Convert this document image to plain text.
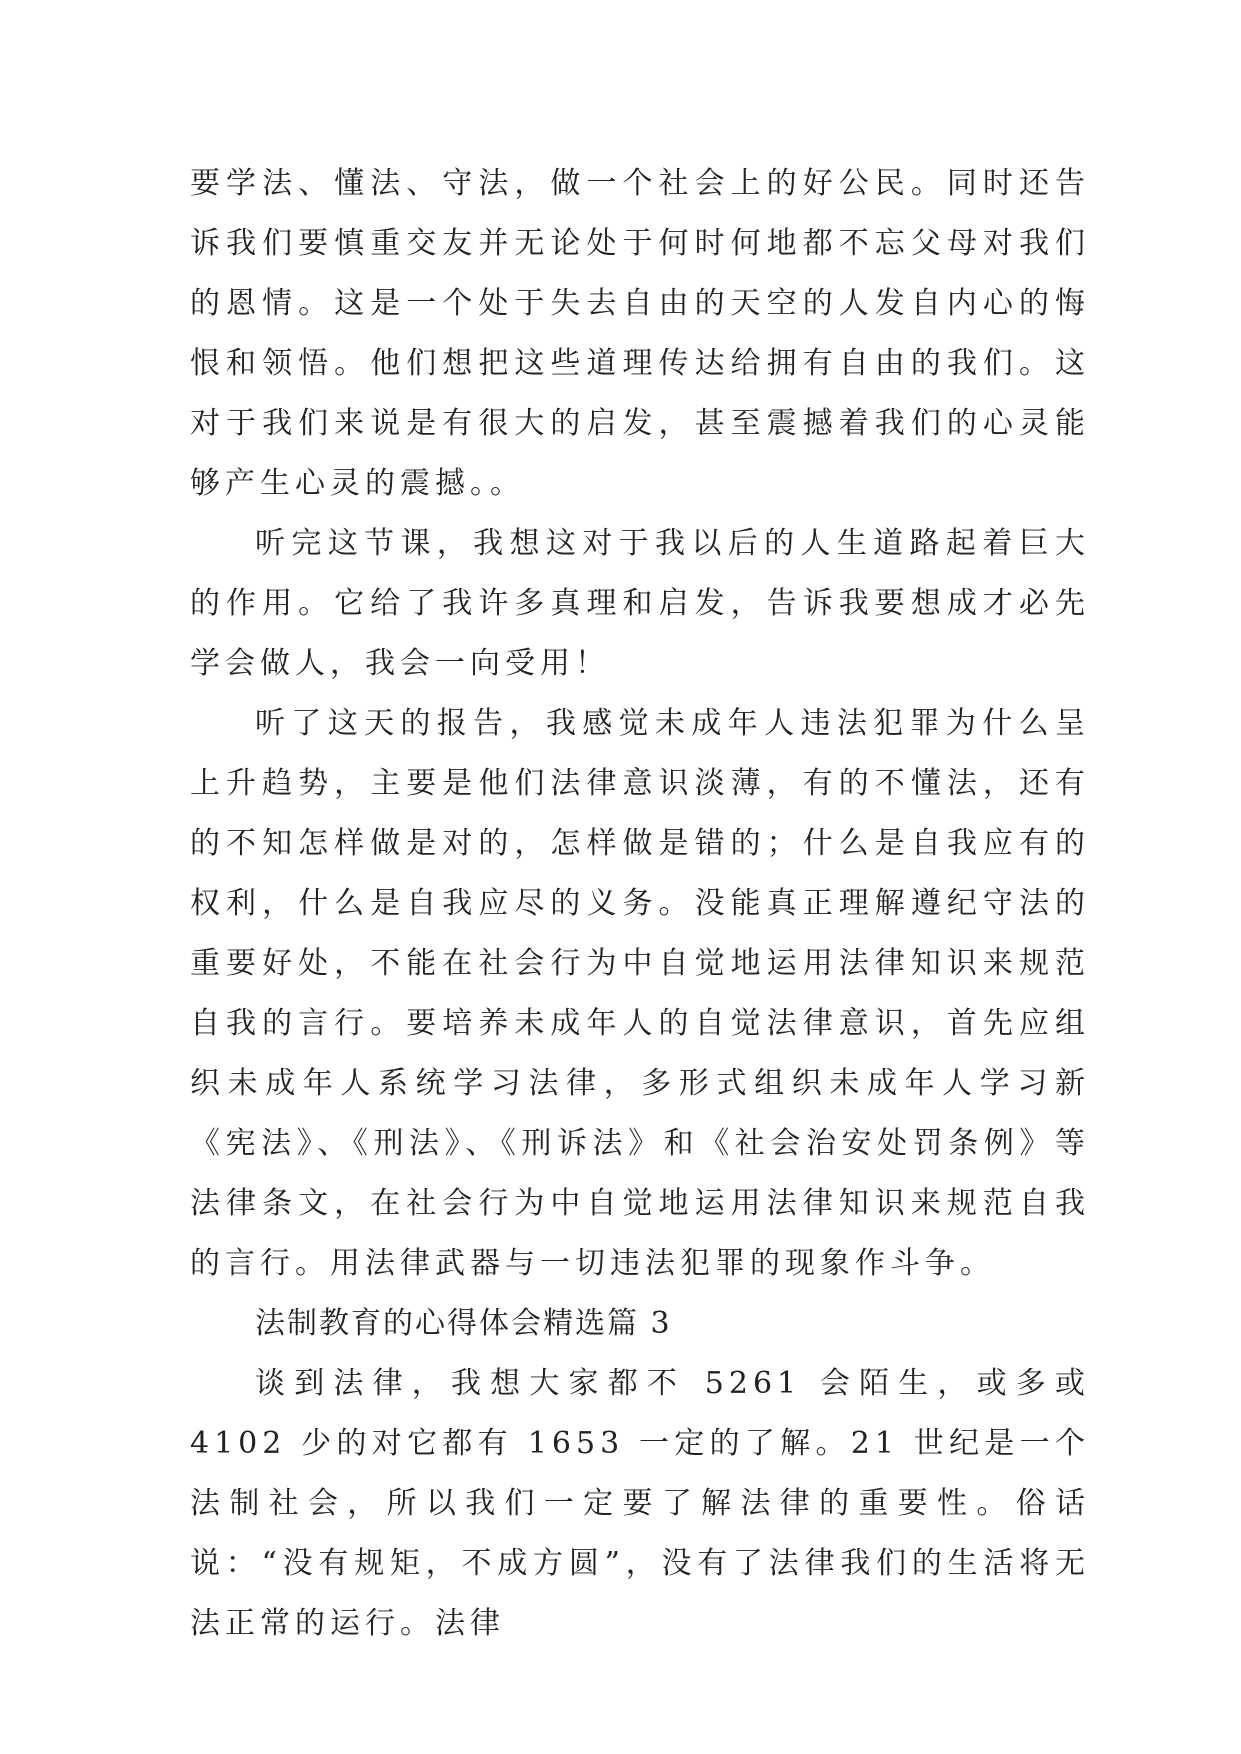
要学法、懂法、守法，做一个社会上的好公民。同时还告诉我们要慎重交友并无论处于何时何地都不忘父母对我们的恩情。这是一个处于失去自由的天空的人发自内心的悔恨和领悟。他们想把这些道理传达给拥有自由的我们。这对于我们来说是有很大的启发，甚至震撼着我们的心灵能够产生心灵的震撼。。

听完这节课，我想这对于我以后的人生道路起着巨大的作用。它给了我许多真理和启发，告诉我要想成才必先学会做人，我会一向受用！

听了这天的报告，我感觉未成年人违法犯罪为什么呈上升趋势，主要是他们法律意识淡薄，有的不懂法，还有的不知怎样做是对的，怎样做是错的；什么是自我应有的权利，什么是自我应尽的义务。没能真正理解遵纪守法的重要好处，不能在社会行为中自觉地运用法律知识来规范自我的言行。要培养未成年人的自觉法律意识，首先应组织未成年人系统学习法律，多形式组织未成年人学习新《宪法》、《刑法》、《刑诉法》和《社会治安处罚条例》等法律条文，在社会行为中自觉地运用法律知识来规范自我的言行。用法律武器与一切违法犯罪的现象作斗争。

法制教育的心得体会精选篇 3

谈到法律，我想大家都不 5261 会陌生，或多或 4102 少的对它都有 1653 一定的了解。21 世纪是一个法制社会，所以我们一定要了解法律的重要性。俗话说：“没有规矩，不成方圆”，没有了法律我们的生活将无法正常的运行。法律
